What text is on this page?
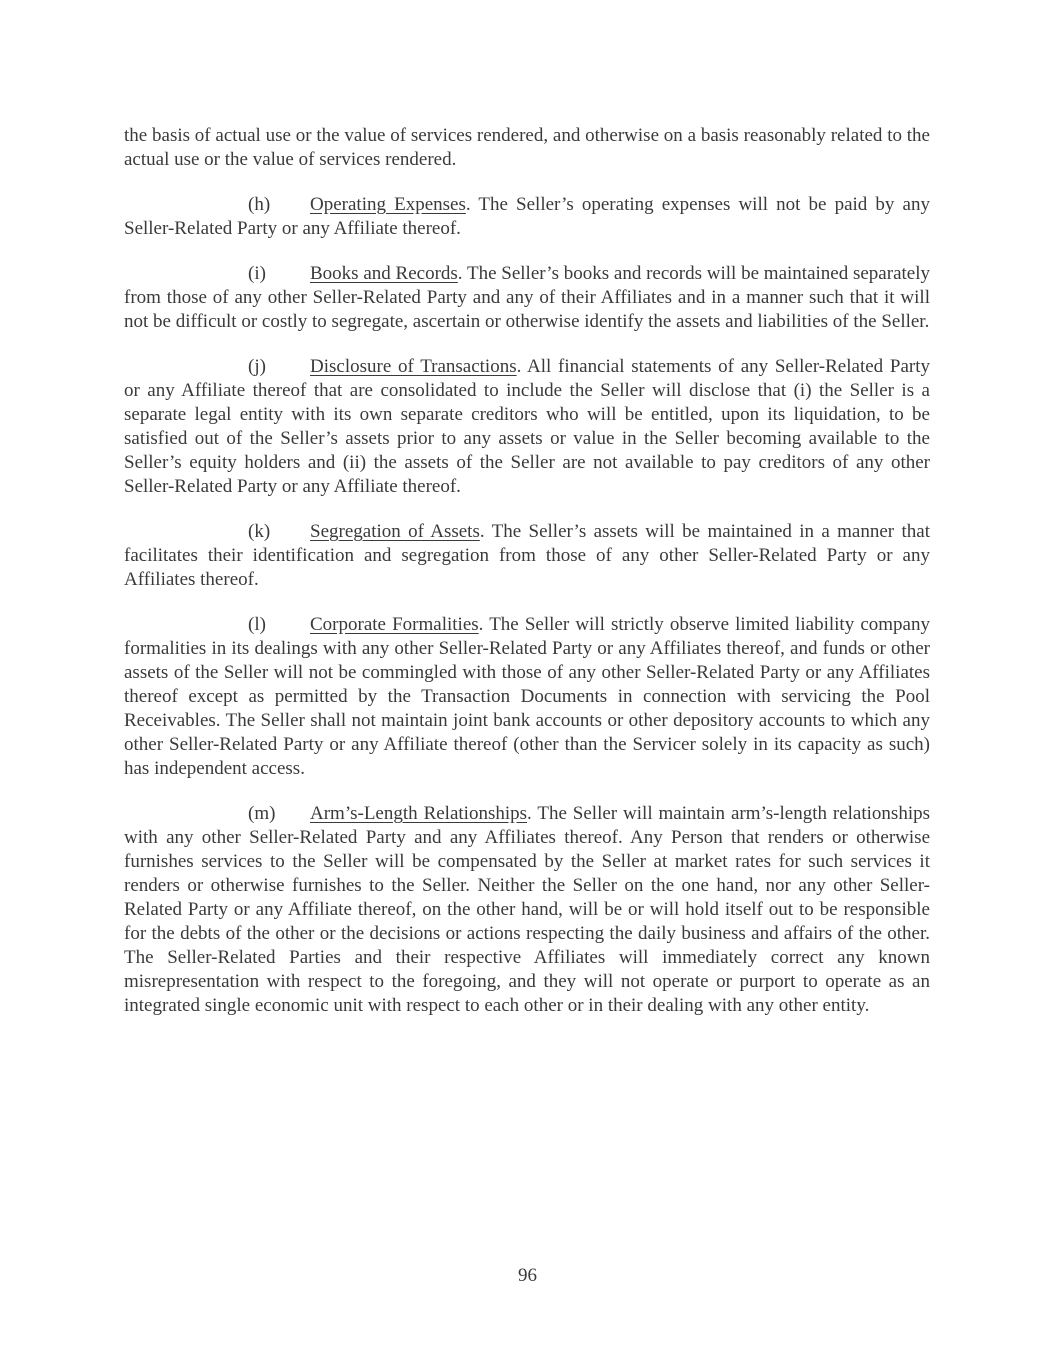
the basis of actual use or the value of services rendered, and otherwise on a basis reasonably related to the actual use or the value of services rendered.

(h) Operating Expenses. The Seller’s operating expenses will not be paid by any Seller-Related Party or any Affiliate thereof.

(i) Books and Records. The Seller’s books and records will be maintained separately from those of any other Seller-Related Party and any of their Affiliates and in a manner such that it will not be difficult or costly to segregate, ascertain or otherwise identify the assets and liabilities of the Seller.

(j) Disclosure of Transactions. All financial statements of any Seller-Related Party or any Affiliate thereof that are consolidated to include the Seller will disclose that (i) the Seller is a separate legal entity with its own separate creditors who will be entitled, upon its liquidation, to be satisfied out of the Seller’s assets prior to any assets or value in the Seller becoming available to the Seller’s equity holders and (ii) the assets of the Seller are not available to pay creditors of any other Seller-Related Party or any Affiliate thereof.

(k) Segregation of Assets. The Seller’s assets will be maintained in a manner that facilitates their identification and segregation from those of any other Seller-Related Party or any Affiliates thereof.

(l) Corporate Formalities. The Seller will strictly observe limited liability company formalities in its dealings with any other Seller-Related Party or any Affiliates thereof, and funds or other assets of the Seller will not be commingled with those of any other Seller-Related Party or any Affiliates thereof except as permitted by the Transaction Documents in connection with servicing the Pool Receivables. The Seller shall not maintain joint bank accounts or other depository accounts to which any other Seller-Related Party or any Affiliate thereof (other than the Servicer solely in its capacity as such) has independent access.

(m) Arm’s-Length Relationships. The Seller will maintain arm’s-length relationships with any other Seller-Related Party and any Affiliates thereof. Any Person that renders or otherwise furnishes services to the Seller will be compensated by the Seller at market rates for such services it renders or otherwise furnishes to the Seller. Neither the Seller on the one hand, nor any other Seller-Related Party or any Affiliate thereof, on the other hand, will be or will hold itself out to be responsible for the debts of the other or the decisions or actions respecting the daily business and affairs of the other. The Seller-Related Parties and their respective Affiliates will immediately correct any known misrepresentation with respect to the foregoing, and they will not operate or purport to operate as an integrated single economic unit with respect to each other or in their dealing with any other entity.

96
